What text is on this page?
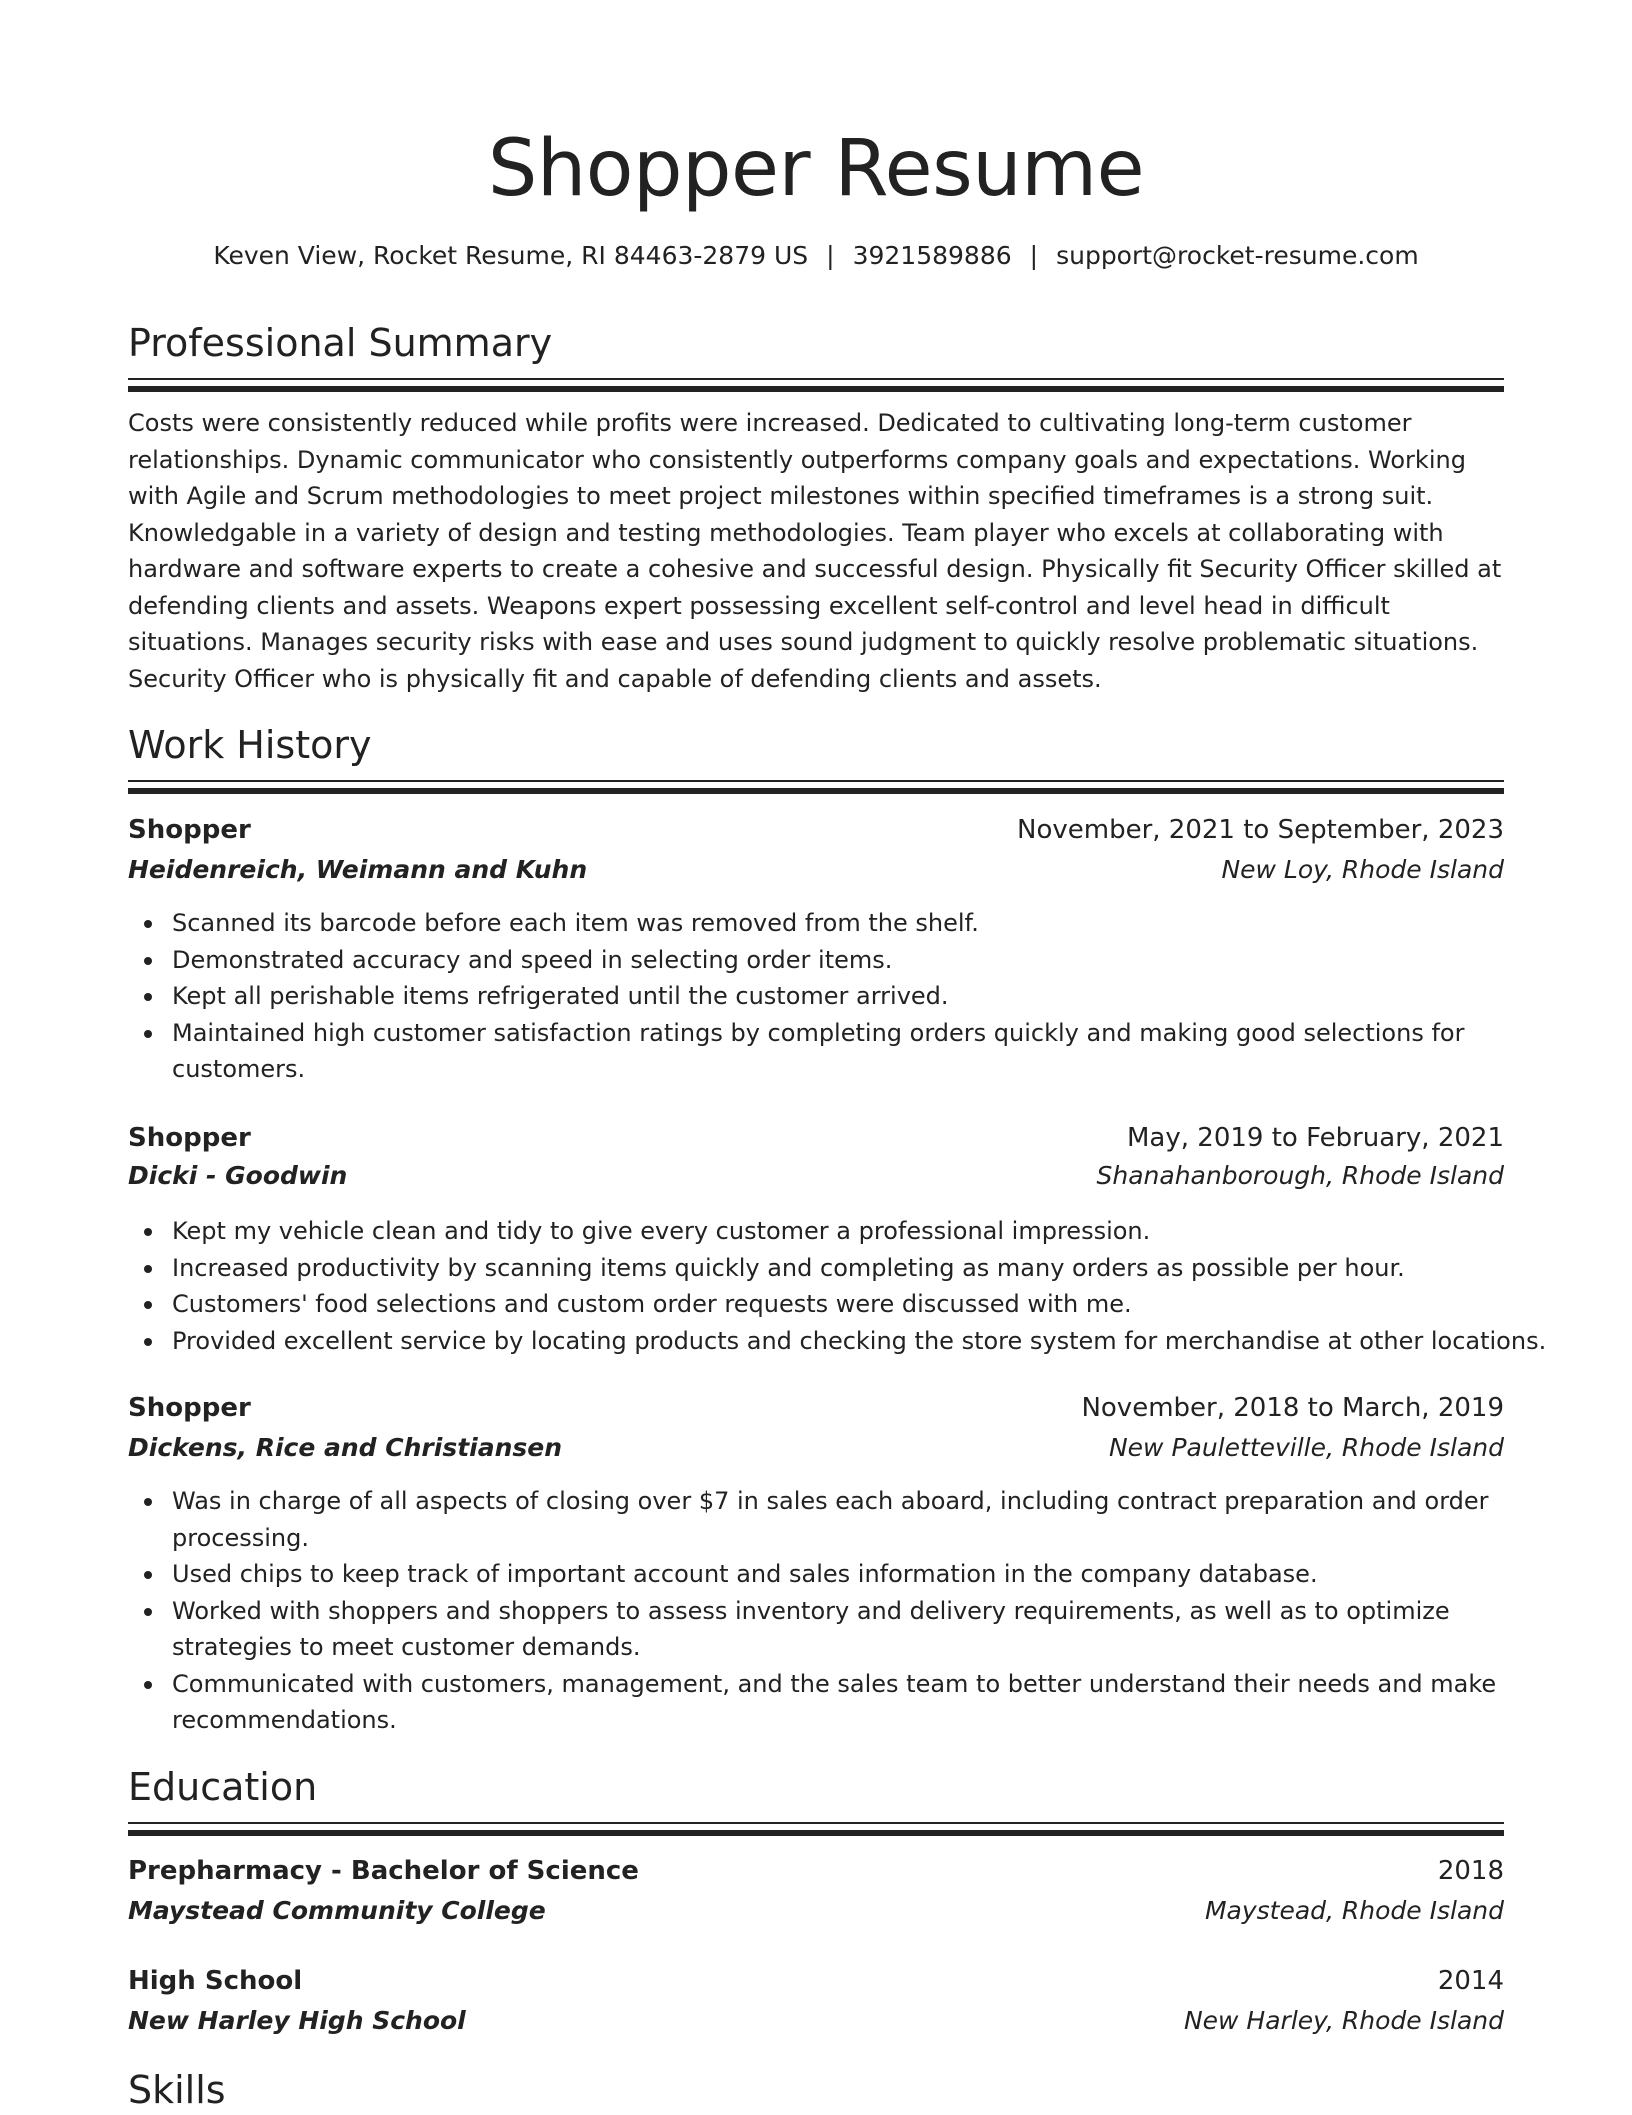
Shopper Resume
Keven View, Rocket Resume, RI 84463-2879 US | 3921589886 | support@rocket-resume.com
Professional Summary

Costs were consistently reduced while profits were increased. Dedicated to cultivating long-term customer relationships. Dynamic communicator who consistently outperforms company goals and expectations. Working with Agile and Scrum methodologies to meet project milestones within specified timeframes is a strong suit. Knowledgable in a variety of design and testing methodologies. Team player who excels at collaborating with hardware and software experts to create a cohesive and successful design. Physically fit Security Officer skilled at defending clients and assets. Weapons expert possessing excellent self-control and level head in difficult situations. Manages security risks with ease and uses sound judgment to quickly resolve problematic situations. Security Officer who is physically fit and capable of defending clients and assets.

Work History
Shopper	November, 2021 to September, 2023
Heidenreich, Weimann and Kuhn	New Loy, Rhode Island
Scanned its barcode before each item was removed from the shelf.
Demonstrated accuracy and speed in selecting order items.
Kept all perishable items refrigerated until the customer arrived.
Maintained high customer satisfaction ratings by completing orders quickly and making good selections for customers.
Shopper	May, 2019 to February, 2021
Dicki - Goodwin	Shanahanborough, Rhode Island
Kept my vehicle clean and tidy to give every customer a professional impression.
Increased productivity by scanning items quickly and completing as many orders as possible per hour.
Customers' food selections and custom order requests were discussed with me.
Provided excellent service by locating products and checking the store system for merchandise at other locations.
Shopper	November, 2018 to March, 2019
Dickens, Rice and Christiansen	New Pauletteville, Rhode Island
Was in charge of all aspects of closing over $7 in sales each aboard, including contract preparation and order processing.
Used chips to keep track of important account and sales information in the company database.
Worked with shoppers and shoppers to assess inventory and delivery requirements, as well as to optimize strategies to meet customer demands.
Communicated with customers, management, and the sales team to better understand their needs and make recommendations.
Education
Prepharmacy - Bachelor of Science	2018
Maystead Community College	Maystead, Rhode Island
High School	2014
New Harley High School	New Harley, Rhode Island
Skills
